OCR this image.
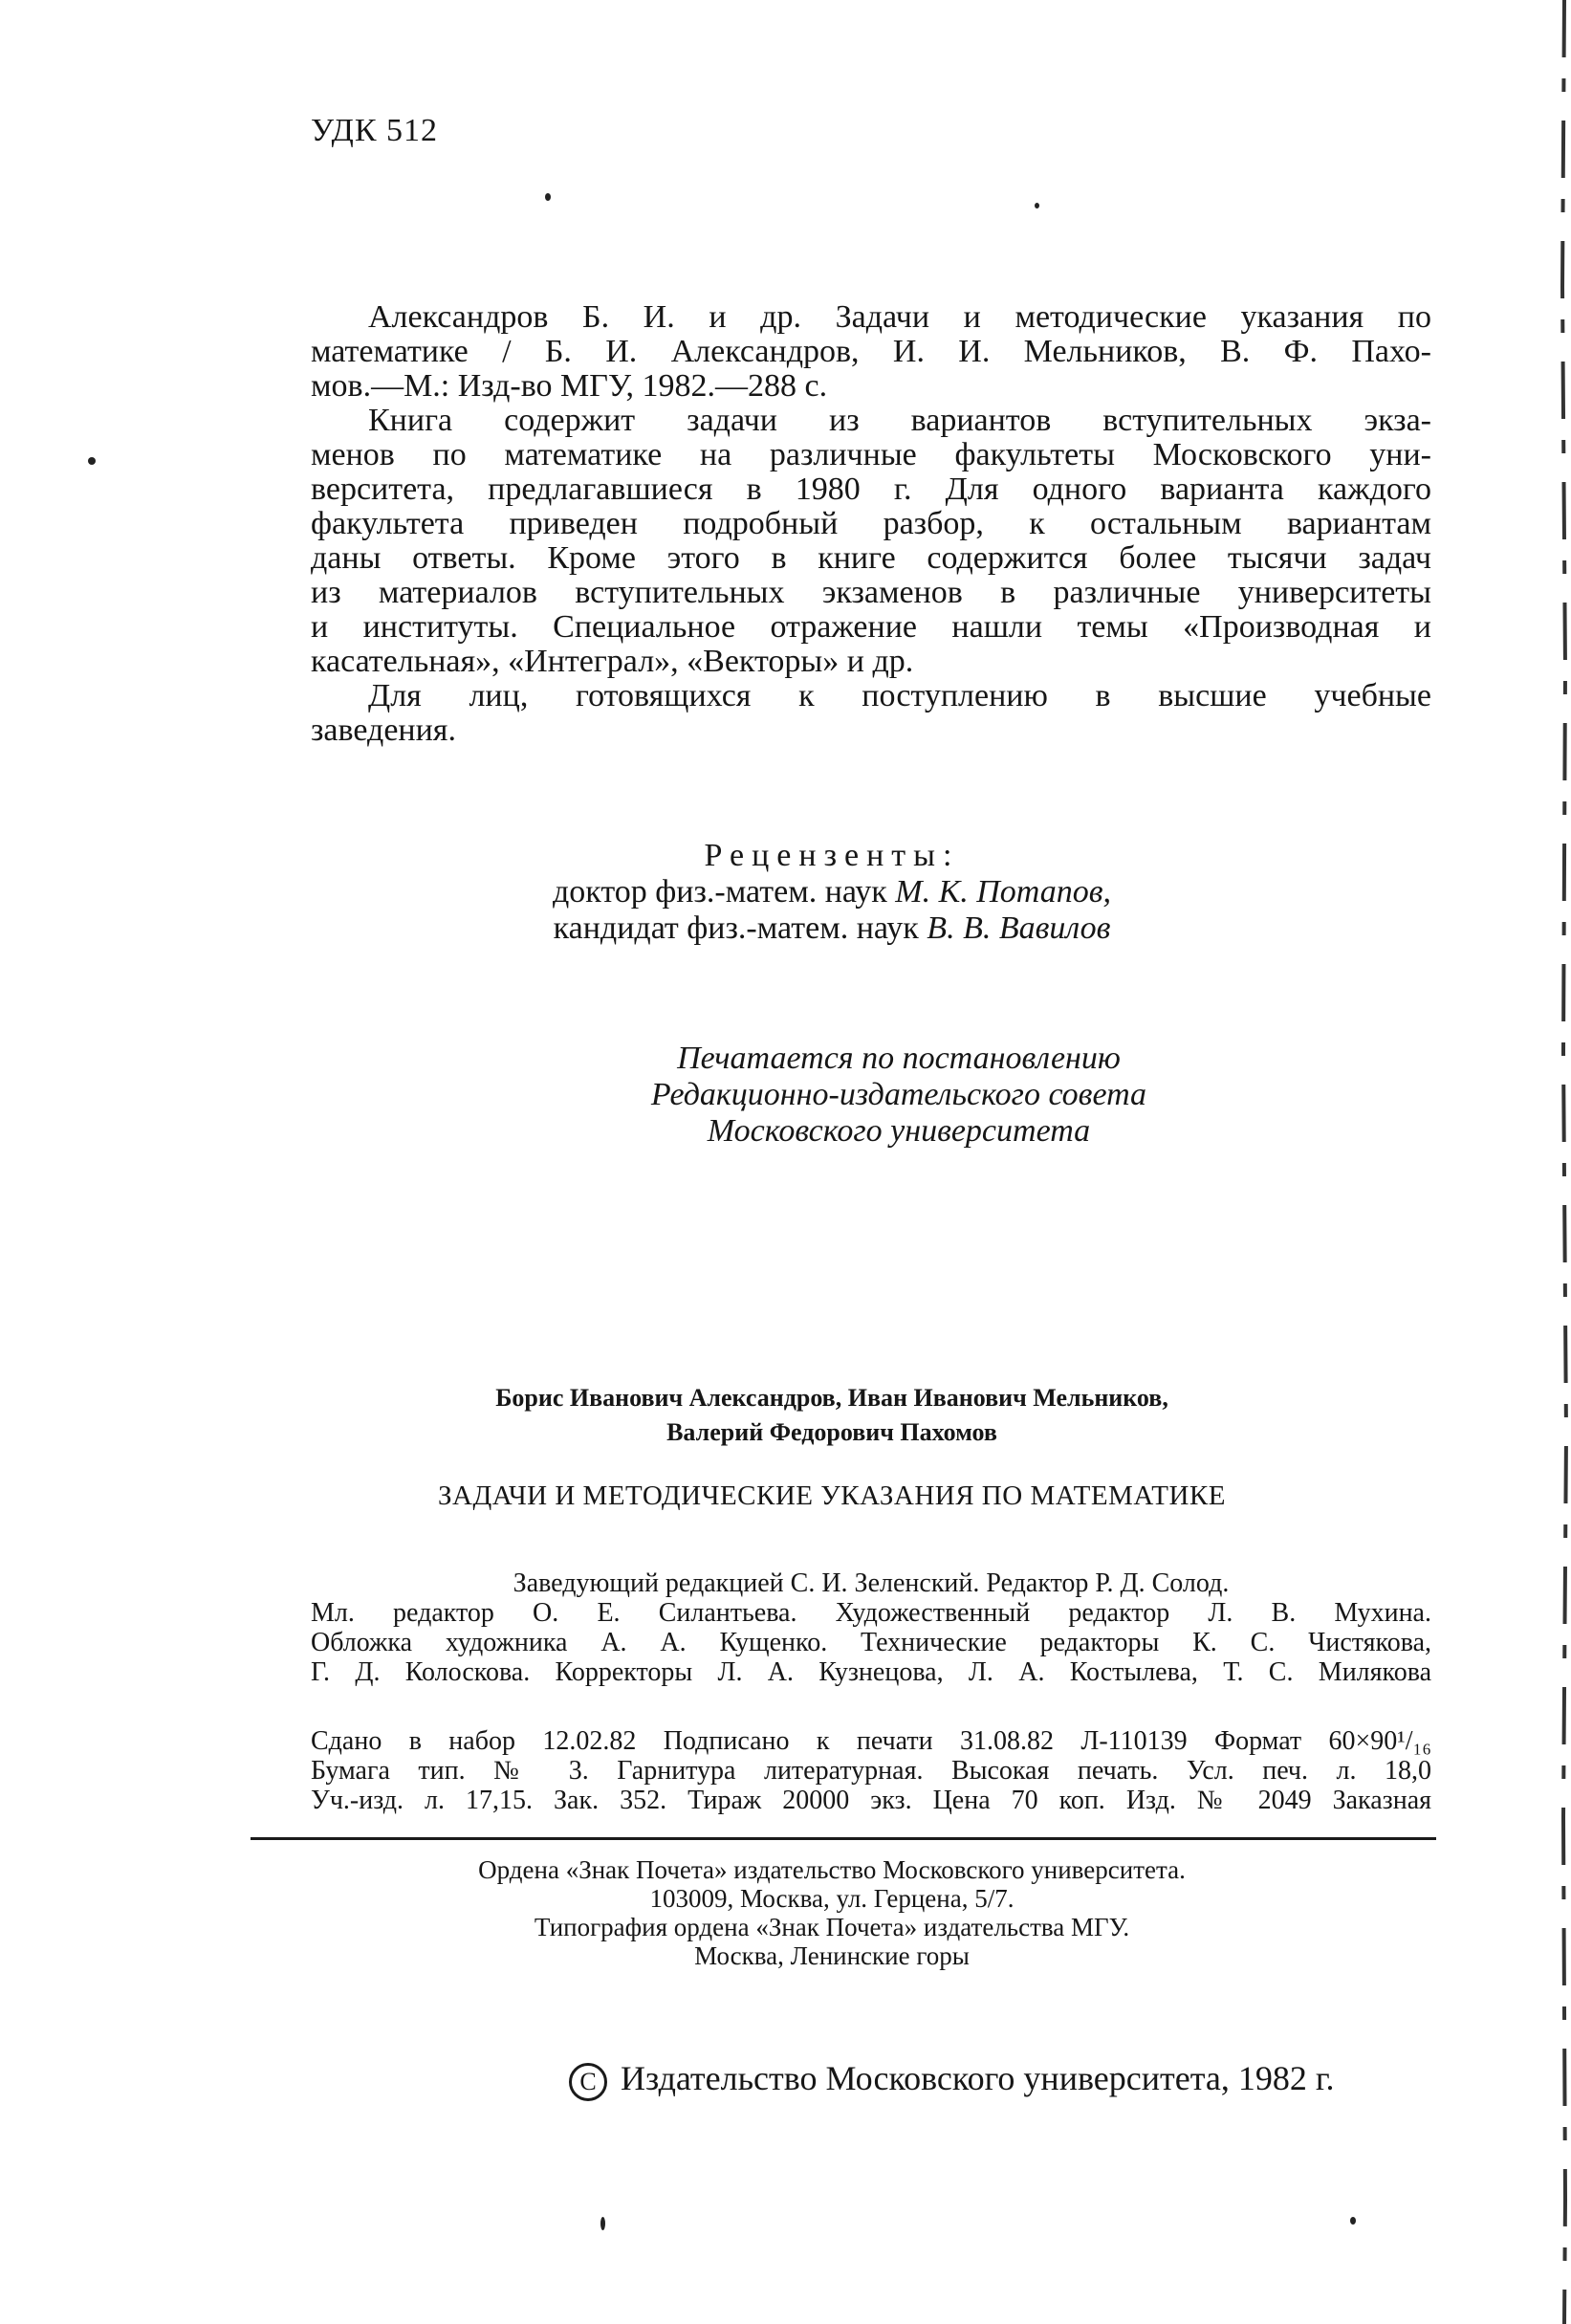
УДК 512
Александров Б. И. и др. Задачи и методические указания по
математике / Б. И. Александров, И. И. Мельников, В. Ф. Пахо-
мов.—М.: Изд-во МГУ, 1982.—288 с.
Книга содержит задачи из вариантов вступительных экза-
менов по математике на различные факультеты Московского уни-
верситета, предлагавшиеся в 1980 г. Для одного варианта каждого
факультета приведен подробный разбор, к остальным вариантам
даны ответы. Кроме этого в книге содержится более тысячи задач
из материалов вступительных экзаменов в различные университеты
и институты. Специальное отражение нашли темы «Производная и
касательная», «Интеграл», «Векторы» и др.
Для лиц, готовящихся к поступлению в высшие учебные
заведения.
Рецензенты:
доктор физ.-матем. наук М. К. Потапов,
кандидат физ.-матем. наук В. В. Вавилов
Печатается по постановлению
Редакционно-издательского совета
Московского университета
Борис Иванович Александров, Иван Иванович Мельников,
Валерий Федорович Пахомов
ЗАДАЧИ И МЕТОДИЧЕСКИЕ УКАЗАНИЯ ПО МАТЕМАТИКЕ
Заведующий редакцией С. И. Зеленский. Редактор Р. Д. Солод.
Мл. редактор О. Е. Силантьева. Художественный редактор Л. В. Мухина.
Обложка художника А. А. Кущенко. Технические редакторы К. С. Чистякова,
Г. Д. Колоскова. Корректоры Л. А. Кузнецова, Л. А. Костылева, Т. С. Милякова
Сдано в набор 12.02.82 Подписано к печати 31.08.82 Л-110139 Формат 60×90¹/₁₆
Бумага тип. № 3. Гарнитура литературная. Высокая печать. Усл. печ. л. 18,0
Уч.-изд. л. 17,15. Зак. 352. Тираж 20000 экз. Цена 70 коп. Изд. № 2049 Заказная
Ордена «Знак Почета» издательство Московского университета.
103009, Москва, ул. Герцена, 5/7.
Типография ордена «Знак Почета» издательства МГУ.
Москва, Ленинские горы
C Издательство Московского университета, 1982 г.
